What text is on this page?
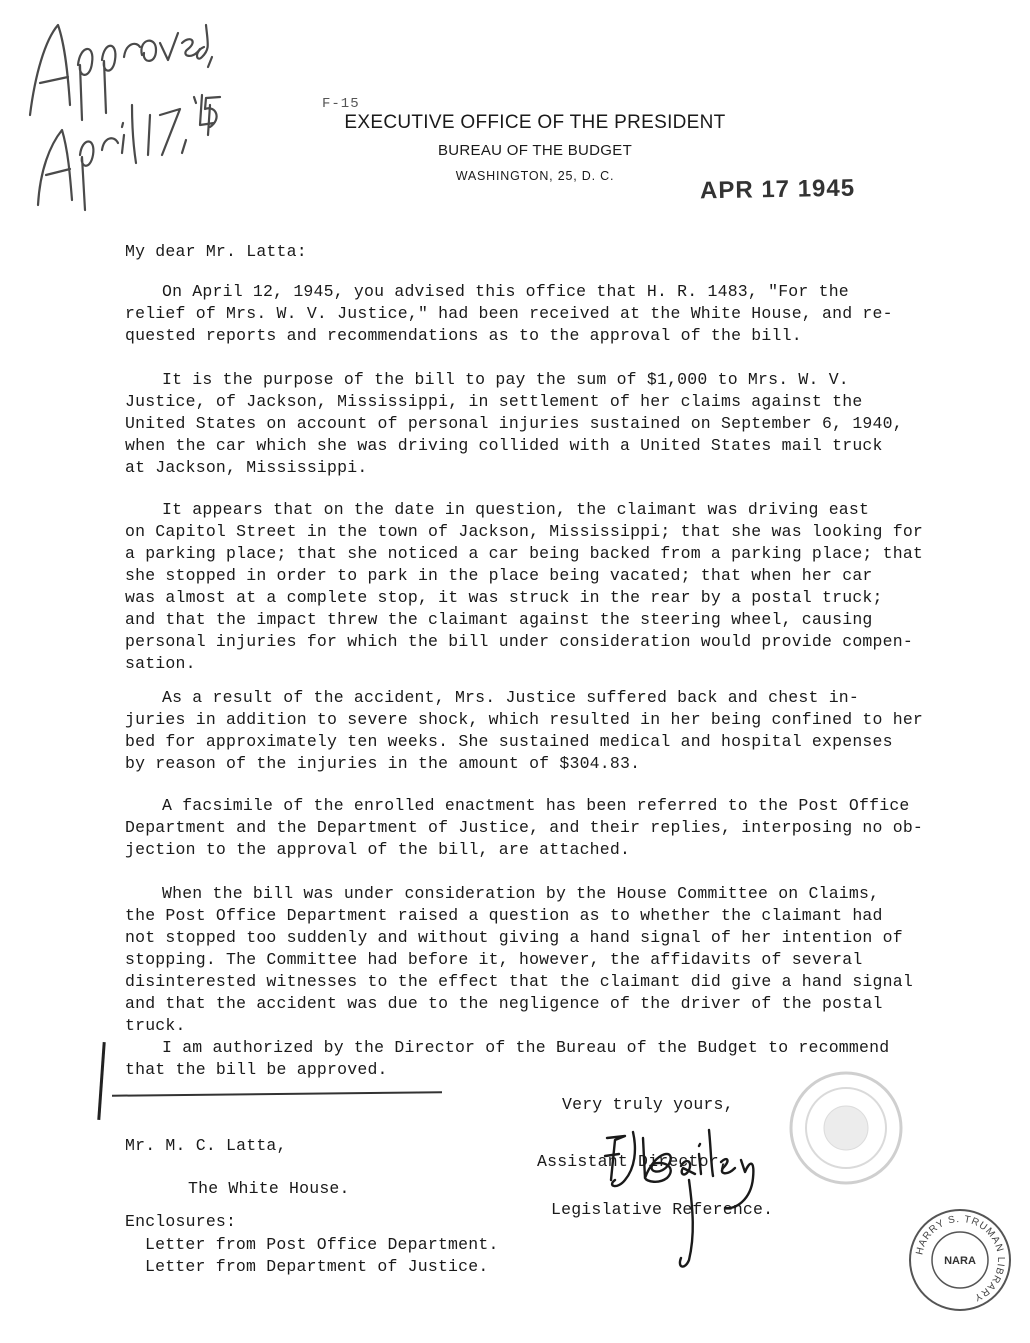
F-15
EXECUTIVE OFFICE OF THE PRESIDENT
BUREAU OF THE BUDGET
WASHINGTON, 25, D. C.	APR 17 1945
My dear Mr. Latta:
On April 12, 1945, you advised this office that H. R. 1483, "For the
relief of Mrs. W. V. Justice," had been received at the White House, and re-
quested reports and recommendations as to the approval of the bill.
It is the purpose of the bill to pay the sum of $1,000 to Mrs. W. V.
Justice, of Jackson, Mississippi, in settlement of her claims against the
United States on account of personal injuries sustained on September 6, 1940,
when the car which she was driving collided with a United States mail truck
at Jackson, Mississippi.
It appears that on the date in question, the claimant was driving east
on Capitol Street in the town of Jackson, Mississippi; that she was looking for
a parking place; that she noticed a car being backed from a parking place; that
she stopped in order to park in the place being vacated; that when her car
was almost at a complete stop, it was struck in the rear by a postal truck;
and that the impact threw the claimant against the steering wheel, causing
personal injuries for which the bill under consideration would provide compen-
sation.
As a result of the accident, Mrs. Justice suffered back and chest in-
juries in addition to severe shock, which resulted in her being confined to her
bed for approximately ten weeks. She sustained medical and hospital expenses
by reason of the injuries in the amount of $304.83.
A facsimile of the enrolled enactment has been referred to the Post Office
Department and the Department of Justice, and their replies, interposing no ob-
jection to the approval of the bill, are attached.
When the bill was under consideration by the House Committee on Claims,
the Post Office Department raised a question as to whether the claimant had
not stopped too suddenly and without giving a hand signal of her intention of
stopping. The Committee had before it, however, the affidavits of several
disinterested witnesses to the effect that the claimant did give a hand signal
and that the accident was due to the negligence of the driver of the postal
truck.
I am authorized by the Director of the Bureau of the Budget to recommend
that the bill be approved.
Very truly yours,
Assistant Director,
Legislative Reference.
Mr. M. C. Latta,
The White House.
Enclosures:
Letter from Post Office Department.
Letter from Department of Justice.
HARRY S. TRUMAN LIBRARY
NARA
